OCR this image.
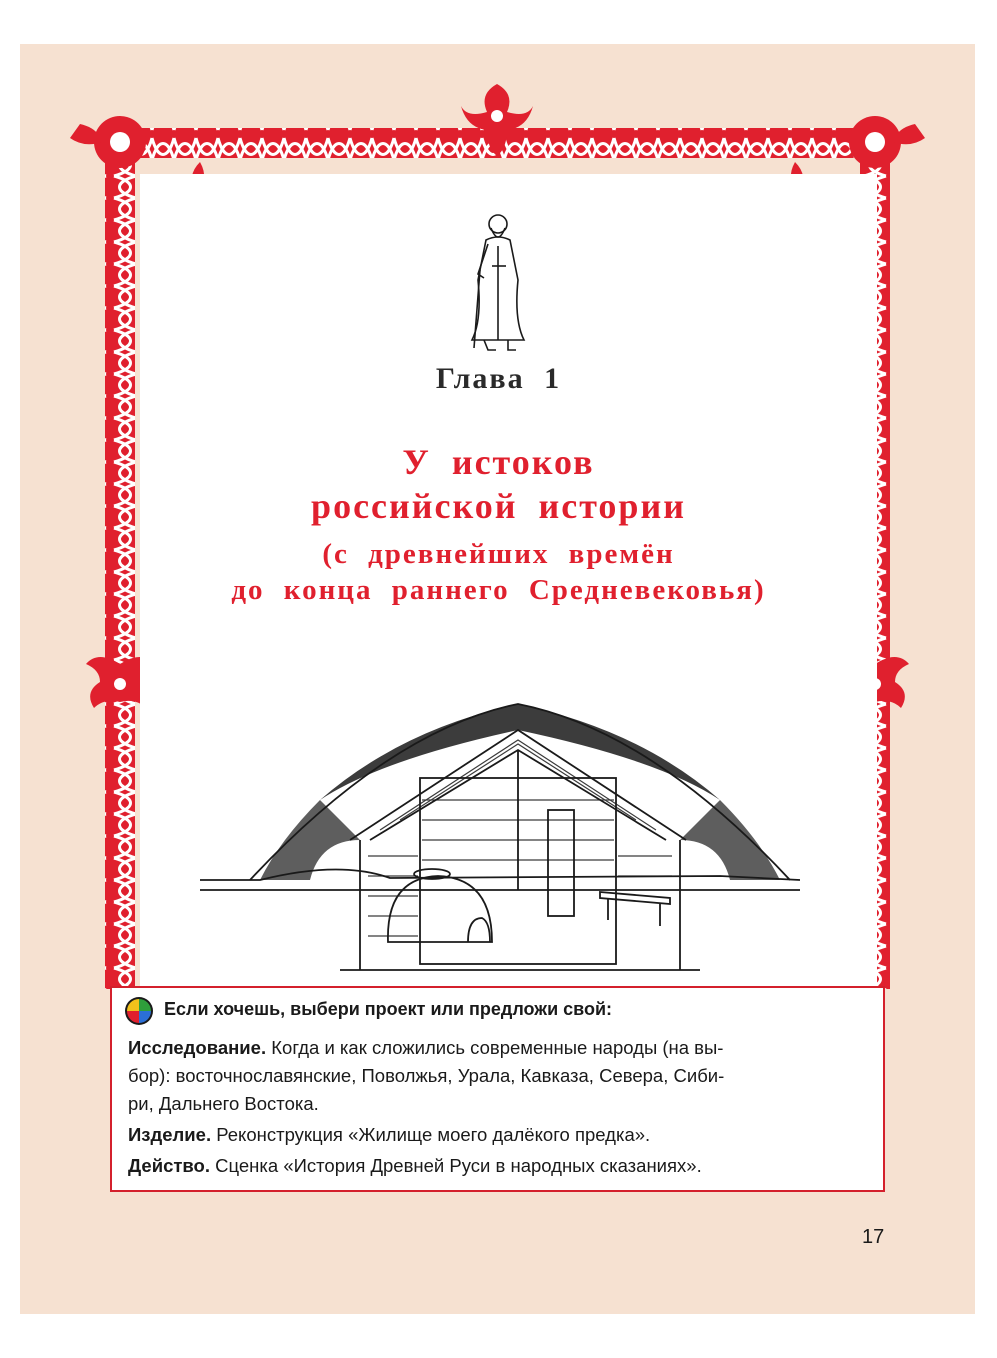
Глава 1
У истоков
российской истории
(с древнейших времён
до конца раннего Средневековья)
Если хочешь, выбери проект или предложи свой:
Исследование. Когда и как сложились современные народы (на вы-
бор): восточнославянские, Поволжья, Урала, Кавказа, Севера, Сиби-
ри, Дальнего Востока.
Изделие. Реконструкция «Жилище моего далёкого предка».
Действо. Сценка «История Древней Руси в народных сказаниях».
17
